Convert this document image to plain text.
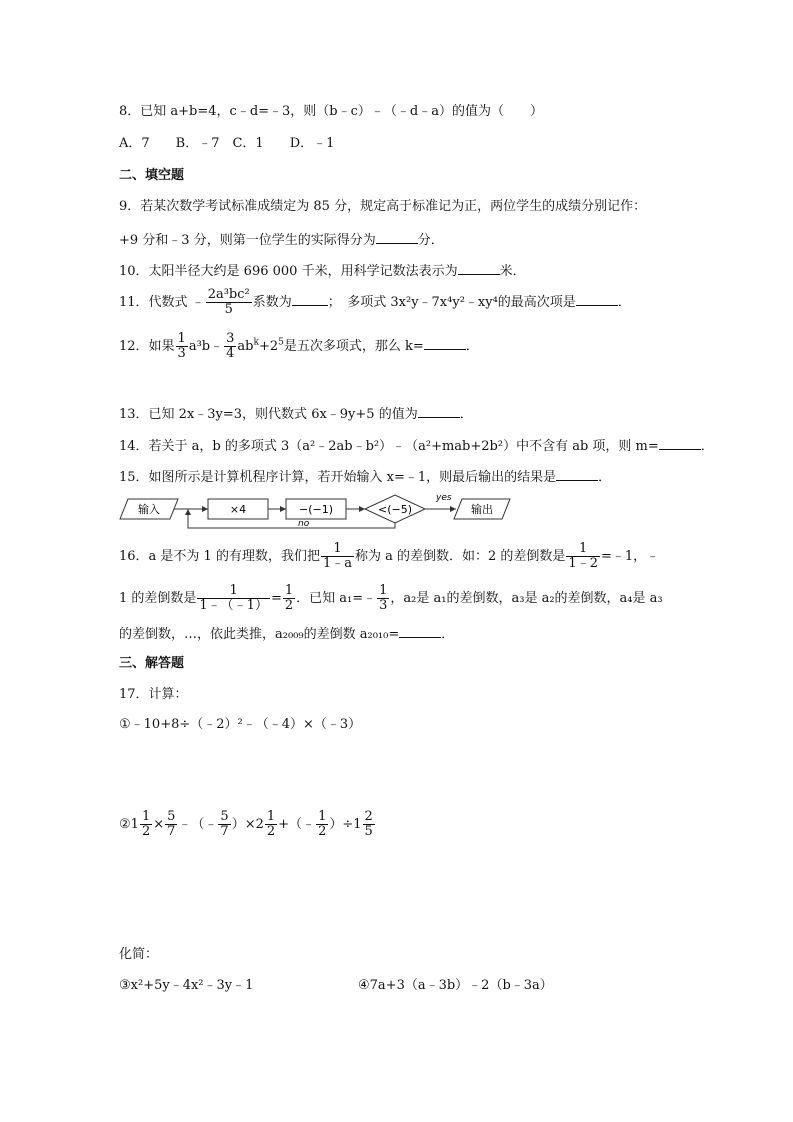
8．已知 a+b=4，c﹣d=﹣3，则（b﹣c）﹣（﹣d﹣a）的值为（　　）
A．7　　B．﹣7　C．1　　D．﹣1
二、填空题
9．若某次数学考试标准成绩定为 85 分，规定高于标准记为正，两位学生的成绩分别记作：
+9 分和﹣3 分，则第一位学生的实际得分为	分．
10．太阳半径大约是 696 000 千米，用科学记数法表示为	米．
11．代数式 ﹣ $\frac{\text{2a³bc²}}{5}$ 系数为	；　多项式 3x²y﹣7x⁴y²﹣xy⁴的最高次项是	．
12．如果 $\frac{1}{3}$ a³b﹣ $\frac{3}{4} ab^k+2^5$是五次多项式，那么 k=	．
13．已知 2x﹣3y=3，则代数式 6x﹣9y+5 的值为	．
14．若关于 a，b 的多项式 3（a²﹣2ab﹣b²）﹣（a²+mab+2b²）中不含有 ab 项，则 m=	．
15．如图所示是计算机程序计算，若开始输入 x=﹣1，则最后输出的结果是	．
输入	×4	−(−1)	<(−5)
yes
输出
no
16．a 是不为 1 的有理数，我们把 $\frac{1}{1﹣a}$ 称为 a 的差倒数．如：2 的差倒数是 $\frac{1}{1﹣2}$ =﹣1，﹣
1 的差倒数是 $\frac{1}{1﹣(﹣1)} = \frac{1}{2}$ ．已知 a₁=﹣ $\frac{1}{3}$ ，a₂是 a₁的差倒数，a₃是 a₂的差倒数，a₄是 a₃
的差倒数，…，依此类推，a₂₀₀₉的差倒数 a₂₀₁₀=	．
三、解答题
17．计算：
①﹣10+8÷（﹣2）²﹣（﹣4）×（﹣3）
②1 $\frac{1}{2} \times \frac{5}{7}$ ﹣（﹣ $\frac{5}{7} )\times 2 \frac{1}{2}$ +（﹣ $\frac{1}{2} )\div 1 \frac{2}{5}$
化简：
③x²+5y﹣4x²﹣3y﹣1	④7a+3（a﹣3b）﹣2（b﹣3a）
